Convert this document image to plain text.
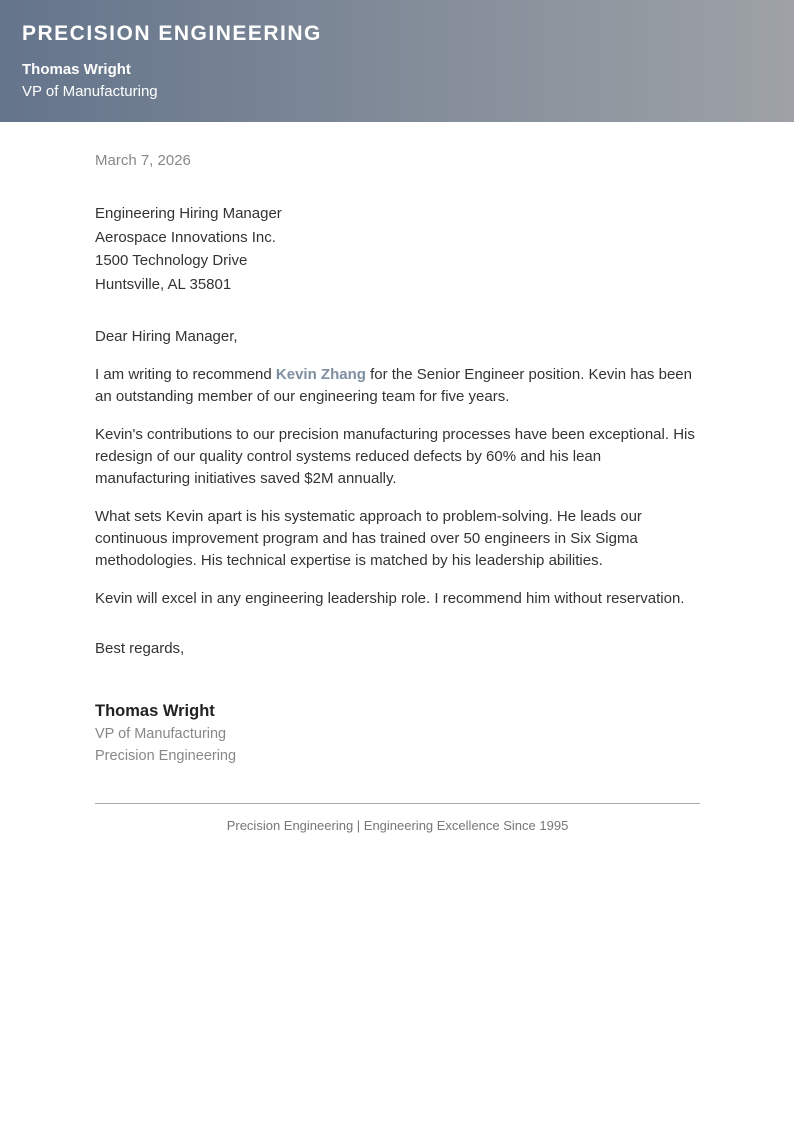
PRECISION ENGINEERING
Thomas Wright
VP of Manufacturing
March 7, 2026
Engineering Hiring Manager
Aerospace Innovations Inc.
1500 Technology Drive
Huntsville, AL 35801
Dear Hiring Manager,

I am writing to recommend Kevin Zhang for the Senior Engineer position. Kevin has been an outstanding member of our engineering team for five years.

Kevin's contributions to our precision manufacturing processes have been exceptional. His redesign of our quality control systems reduced defects by 60% and his lean manufacturing initiatives saved $2M annually.

What sets Kevin apart is his systematic approach to problem-solving. He leads our continuous improvement program and has trained over 50 engineers in Six Sigma methodologies. His technical expertise is matched by his leadership abilities.

Kevin will excel in any engineering leadership role. I recommend him without reservation.

Best regards,
Thomas Wright
VP of Manufacturing
Precision Engineering
Precision Engineering | Engineering Excellence Since 1995
